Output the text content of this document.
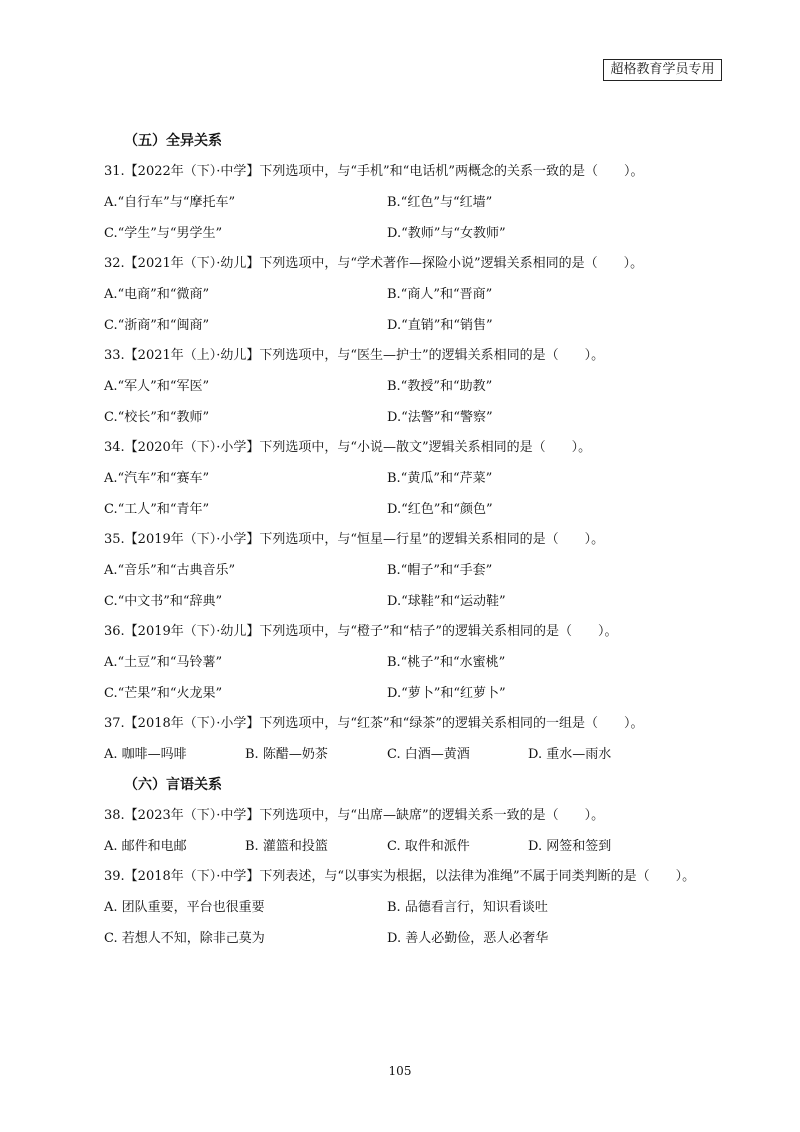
超格教育学员专用
（五）全异关系
31.【2022年（下）·中学】下列选项中，与“手机”和“电话机”两概念的关系一致的是（　　）。
A.“自行车”与“摩托车”	B.“红色”与“红墙”
C.“学生”与“男学生”	D.“教师”与“女教师”
32.【2021年（下）·幼儿】下列选项中，与“学术著作—探险小说”逻辑关系相同的是（　　）。
A.“电商”和“微商”	B.“商人”和“晋商”
C.“浙商”和“闽商”	D.“直销”和“销售”
33.【2021年（上）·幼儿】下列选项中，与“医生—护士”的逻辑关系相同的是（　　）。
A.“军人”和“军医”	B.“教授”和“助教”
C.“校长”和“教师”	D.“法警”和“警察”
34.【2020年（下）·小学】下列选项中，与“小说—散文”逻辑关系相同的是（　　）。
A.“汽车”和“赛车”	B.“黄瓜”和“芹菜”
C.“工人”和“青年”	D.“红色”和“颜色”
35.【2019年（下）·小学】下列选项中，与“恒星—行星”的逻辑关系相同的是（　　）。
A.“音乐”和“古典音乐”	B.“帽子”和“手套”
C.“中文书”和“辞典”	D.“球鞋”和“运动鞋”
36.【2019年（下）·幼儿】下列选项中，与“橙子”和“桔子”的逻辑关系相同的是（　　）。
A.“土豆”和“马铃薯”	B.“桃子”和“水蜜桃”
C.“芒果”和“火龙果”	D.“萝卜”和“红萝卜”
37.【2018年（下）·小学】下列选项中，与“红茶”和“绿茶”的逻辑关系相同的一组是（　　）。
A. 咖啡—吗啡	B. 陈醋—奶茶	C. 白酒—黄酒	D. 重水—雨水
（六）言语关系
38.【2023年（下）·中学】下列选项中，与“出席—缺席”的逻辑关系一致的是（　　）。
A. 邮件和电邮	B. 灌篮和投篮	C. 取件和派件	D. 网签和签到
39.【2018年（下）·中学】下列表述，与“以事实为根据，以法律为准绳”不属于同类判断的是（　　）。
A. 团队重要，平台也很重要	B. 品德看言行，知识看谈吐
C. 若想人不知，除非己莫为	D. 善人必勤俭，恶人必奢华
105
